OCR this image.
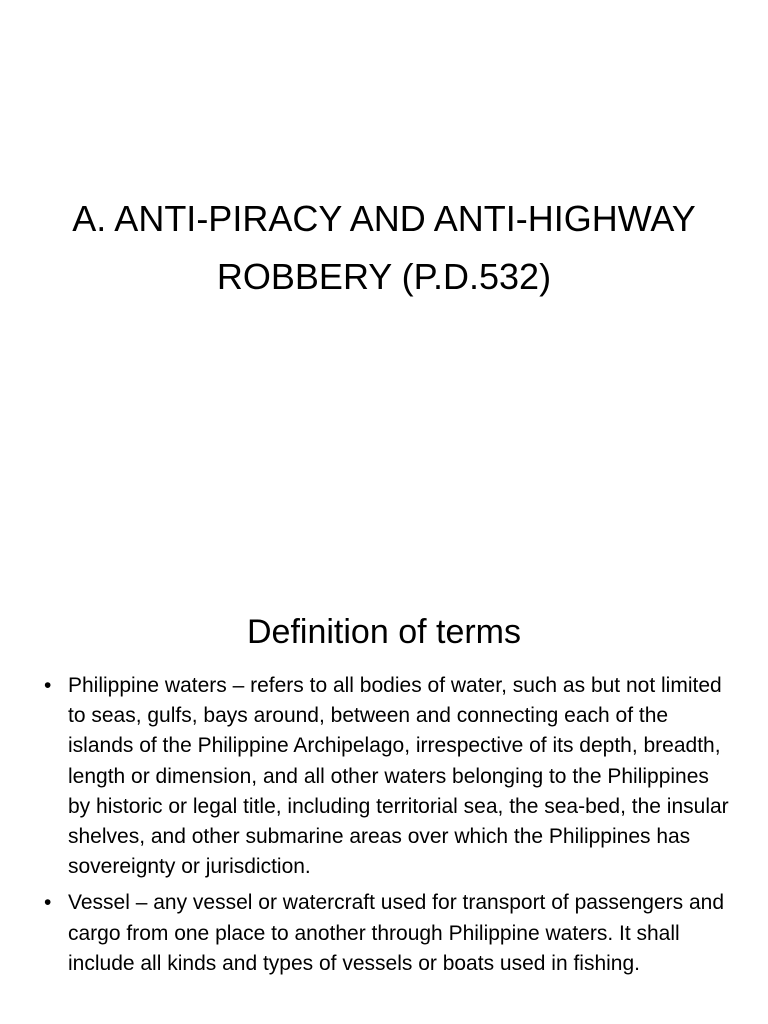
A. ANTI-PIRACY AND ANTI-HIGHWAY ROBBERY (P.D.532)
Definition of terms
• Philippine waters – refers to all bodies of water, such as but not limited to seas, gulfs, bays around, between and connecting each of the islands of the Philippine Archipelago, irrespective of its depth, breadth, length or dimension, and all other waters belonging to the Philippines by historic or legal title, including territorial sea, the sea-bed, the insular shelves, and other submarine areas over which the Philippines has sovereignty or jurisdiction.
• Vessel – any vessel or watercraft used for transport of passengers and cargo from one place to another through Philippine waters. It shall include all kinds and types of vessels or boats used in fishing.
